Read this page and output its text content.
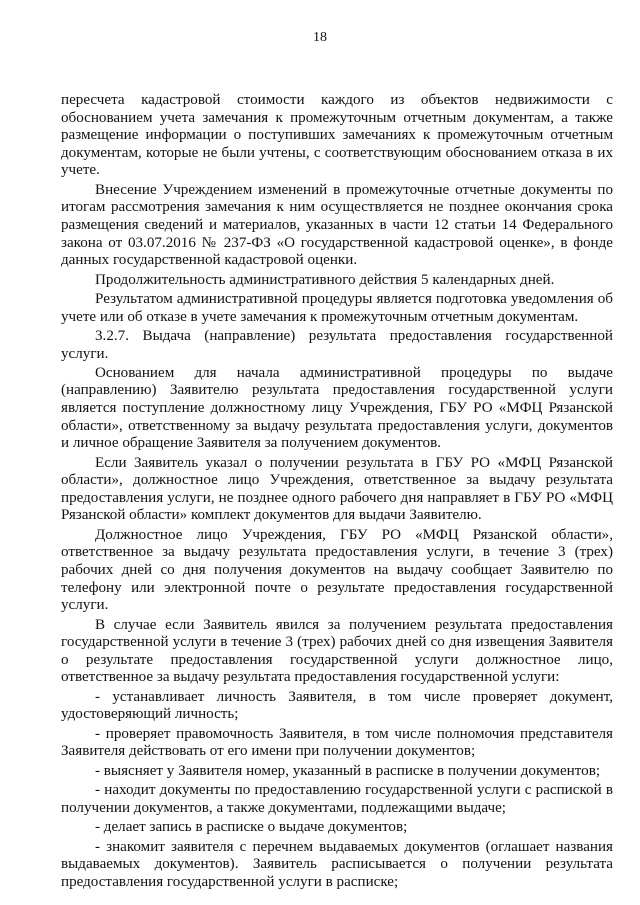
18

пересчета кадастровой стоимости каждого из объектов недвижимости с обоснованием учета замечания к промежуточным отчетным документам, а также размещение информации о поступивших замечаниях к промежуточным отчетным документам, которые не были учтены, с соответствующим обоснованием отказа в их учете.

Внесение Учреждением изменений в промежуточные отчетные документы по итогам рассмотрения замечания к ним осуществляется не позднее окончания срока размещения сведений и материалов, указанных в части 12 статьи 14 Федерального закона от 03.07.2016 № 237-ФЗ «О государственной кадастровой оценке», в фонде данных государственной кадастровой оценки.

Продолжительность административного действия 5 календарных дней.

Результатом административной процедуры является подготовка уведомления об учете или об отказе в учете замечания к промежуточным отчетным документам.

3.2.7. Выдача (направление) результата предоставления государственной услуги.

Основанием для начала административной процедуры по выдаче (направлению) Заявителю результата предоставления государственной услуги является поступление должностному лицу Учреждения, ГБУ РО «МФЦ Рязанской области», ответственному за выдачу результата предоставления услуги, документов и личное обращение Заявителя за получением документов.

Если Заявитель указал о получении результата в ГБУ РО «МФЦ Рязанской области», должностное лицо Учреждения, ответственное за выдачу результата предоставления услуги, не позднее одного рабочего дня направляет в ГБУ РО «МФЦ Рязанской области» комплект документов для выдачи Заявителю.

Должностное лицо Учреждения, ГБУ РО «МФЦ Рязанской области», ответственное за выдачу результата предоставления услуги, в течение 3 (трех) рабочих дней со дня получения документов на выдачу сообщает Заявителю по телефону или электронной почте о результате предоставления государственной услуги.

В случае если Заявитель явился за получением результата предоставления государственной услуги в течение 3 (трех) рабочих дней со дня извещения Заявителя о результате предоставления государственной услуги должностное лицо, ответственное за выдачу результата предоставления государственной услуги:

- устанавливает личность Заявителя, в том числе проверяет документ, удостоверяющий личность;

- проверяет правомочность Заявителя, в том числе полномочия представителя Заявителя действовать от его имени при получении документов;

- выясняет у Заявителя номер, указанный в расписке в получении документов;

- находит документы по предоставлению государственной услуги с распиской в получении документов, а также документами, подлежащими выдаче;

- делает запись в расписке о выдаче документов;

- знакомит заявителя с перечнем выдаваемых документов (оглашает названия выдаваемых документов). Заявитель расписывается о получении результата предоставления государственной услуги в расписке;
